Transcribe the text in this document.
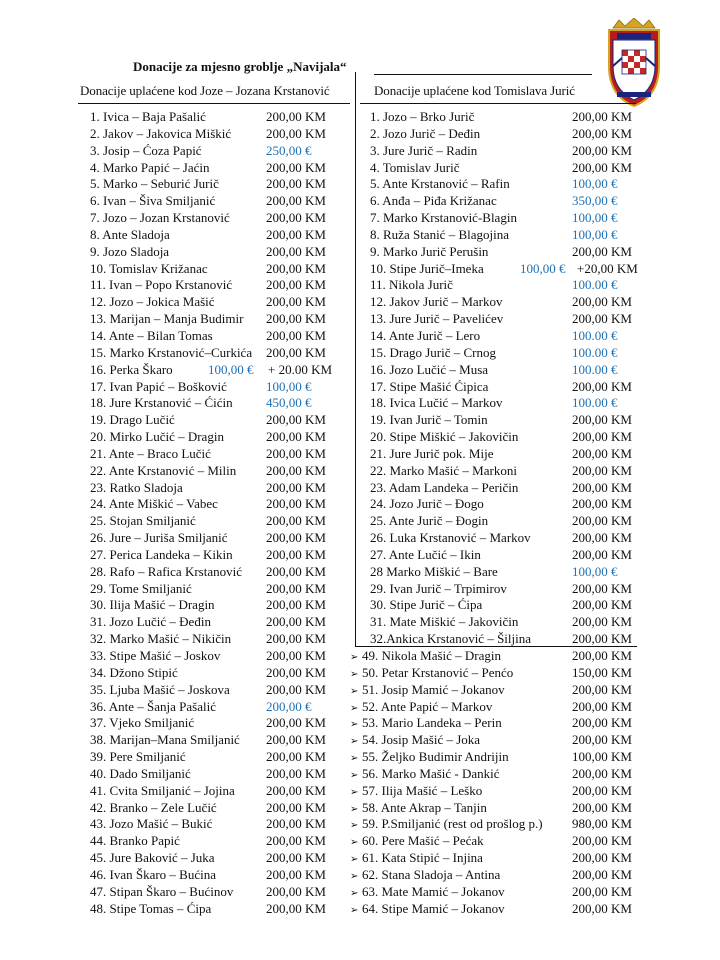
Donacije za mjesno groblje „Navijala“
Donacije uplaćene kod Joze – Jozana Krstanović	Donacije uplaćene kod Tomislava Jurić
1. Ivica – Baja Pašalić	200,00 KM
2. Jakov – Jakovica Miškić	200,00 KM
3. Josip – Ćoza Papić	250,00 €
4. Marko Papić – Jaćin	200,00 KM
5. Marko – Seburić Jurič	200,00 KM
6. Ivan – Šiva Smiljanić	200,00 KM
7. Jozo – Jozan Krstanović	200,00 KM
8. Ante Sladoja	200,00 KM
9. Jozo Sladoja	200,00 KM
10. Tomislav Križanac	200,00 KM
11. Ivan – Popo Krstanović	200,00 KM
12. Jozo – Jokica Mašić	200,00 KM
13. Marijan – Manja Budimir 200,00 KM
14. Ante – Bilan Tomas	200,00 KM
15. Marko Krstanović–Curkića 200,00 KM
16. Perka Škaro	100,00 € + 20.00 KM
17. Ivan Papić – Bošković	100,00 €
18. Jure Krstanović – Ćićin	450,00 €
19. Drago Lučić	200,00 KM
20. Mirko Lučić – Dragin	200,00 KM
21. Ante – Braco Lučić	200,00 KM
22. Ante Krstanović – Milin 200,00 KM
23. Ratko Sladoja	200,00 KM
24. Ante Miškić – Vabec	200,00 KM
25. Stojan Smiljanić	200,00 KM
26. Jure – Juriša Smiljanić	200,00 KM
27. Perica Landeka – Kikin	200,00 KM
28. Rafo – Rafica Krstanović 200,00 KM
29. Tome Smiljanić	200,00 KM
30. Ilija Mašić – Dragin	200,00 KM
31. Jozo Lučić – Đeđin	200,00 KM
32. Marko Mašić – Nikičin	200,00 KM
33. Stipe Mašić – Joskov	200,00 KM
34. Džono Stipić	200,00 KM
35. Ljuba Mašić – Joskova	200,00 KM
36. Ante – Šanja Pašalić	200,00 €
37. Vjeko Smiljanić	200,00 KM
38. Marijan–Mana Smiljanić 200,00 KM
39. Pere Smiljanić	200,00 KM
40. Dado Smiljanić	200,00 KM
41. Cvita Smiljanić – Jojina 200,00 KM
42. Branko – Zele Lučić	200,00 KM
43. Jozo Mašić – Bukić	200,00 KM
44. Branko Papić	200,00 KM
45. Jure Baković – Juka	200,00 KM
46. Ivan Škaro – Bućina	200,00 KM
47. Stipan Škaro – Bućinov	200,00 KM
48. Stipe Tomas – Ćipa	200,00 KM
1. Jozo – Brko Jurič	200,00 KM
2. Jozo Jurič – Deđin	200,00 KM
3. Jure Jurič – Radin	200,00 KM
4. Tomislav Jurič	200,00 KM
5. Ante Krstanović – Rafin	100,00 €
6. Anđa – Piđa Križanac	350,00 €
7. Marko Krstanović-Blagin	100,00 €
8. Ruža Stanić – Blagojina	100,00 €
9. Marko Jurič Perušin	200,00 KM
10. Stipe Jurič–Imeka	100,00 € +20,00 KM
11. Nikola Jurič	100.00 €
12. Jakov Jurič – Markov	200,00 KM
13. Jure Jurič – Pavelićev	200,00 KM
14. Ante Jurič – Lero	100.00 €
15. Drago Jurič – Crnog	100.00 €
16. Jozo Lučić – Musa	100.00 €
17. Stipe Mašić Ćipica	200,00 KM
18. Ivica Lučić – Markov	100.00 €
19. Ivan Jurič – Tomin	200,00 KM
20. Stipe Miškić – Jakovičin	200,00 KM
21. Jure Jurič pok. Mije	200,00 KM
22. Marko Mašić – Markoni	200,00 KM
23. Adam Landeka – Peričin	200,00 KM
24. Jozo Jurič – Đogo	200,00 KM
25. Ante Jurič – Đogin	200,00 KM
26. Luka Krstanović – Markov	200,00 KM
27. Ante Lučić – Ikin	200,00 KM
28 Marko Miškić – Bare	100,00 €
29. Ivan Jurič – Trpimirov	200,00 KM
30. Stipe Jurič – Ćipa	200,00 KM
31. Mate Miškić – Jakovičin	200,00 KM
32.Ankica Krstanović – Šiljina	200,00 KM
➢ 49. Nikola Mašić – Dragin	200,00 KM
➢ 50. Petar Krstanović – Penćo	150,00 KM
➢ 51. Josip Mamić – Jokanov	200,00 KM
➢ 52. Ante Papić – Markov	200,00 KM
➢ 53. Mario Landeka – Perin	200,00 KM
➢ 54. Josip Mašić – Joka	200,00 KM
➢ 55. Željko Budimir Andrijin	100,00 KM
➢ 56. Marko Mašić - Dankić	200,00 KM
➢ 57. Ilija Mašić – Leško	200,00 KM
➢ 58. Ante Akrap – Tanjin	200,00 KM
➢ 59. P.Smiljanić (rest od prošlog p.) 980,00 KM
➢ 60. Pere Mašić – Pećak	200,00 KM
➢ 61. Kata Stipić – Injina	200,00 KM
➢ 62. Stana Sladoja – Antina	200,00 KM
➢ 63. Mate Mamić – Jokanov	200,00 KM
➢ 64. Stipe Mamić – Jokanov	200,00 KM
